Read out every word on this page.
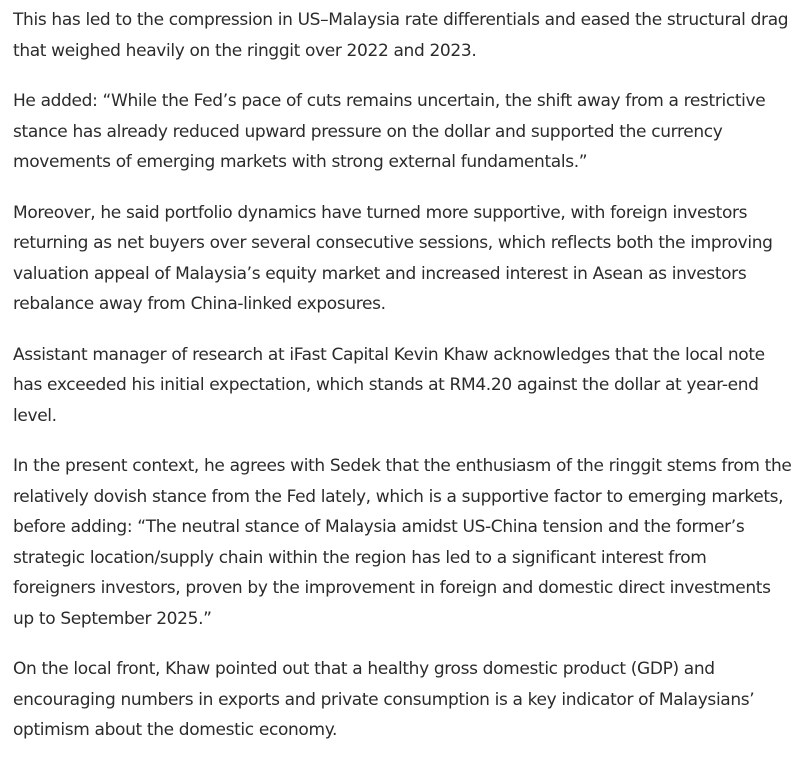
This has led to the compression in US–Malaysia rate differentials and eased the structural drag that weighed heavily on the ringgit over 2022 and 2023.

He added: “While the Fed’s pace of cuts remains uncertain, the shift away from a restrictive stance has already reduced upward pressure on the dollar and supported the currency movements of emerging markets with strong external fundamentals.”

Moreover, he said portfolio dynamics have turned more supportive, with foreign investors returning as net buyers over several consecutive sessions, which reflects both the improving valuation appeal of Malaysia’s equity market and increased interest in Asean as investors rebalance away from China-linked exposures.

Assistant manager of research at iFast Capital Kevin Khaw acknowledges that the local note has exceeded his initial expectation, which stands at RM4.20 against the dollar at year-end level.

In the present context, he agrees with Sedek that the enthusiasm of the ringgit stems from the relatively dovish stance from the Fed lately, which is a supportive factor to emerging markets, before adding: “The neutral stance of Malaysia amidst US-China tension and the former’s strategic location/supply chain within the region has led to a significant interest from foreigners investors, proven by the improvement in foreign and domestic direct investments up to September 2025.”

On the local front, Khaw pointed out that a healthy gross domestic product (GDP) and encouraging numbers in exports and private consumption is a key indicator of Malaysians’ optimism about the domestic economy.
